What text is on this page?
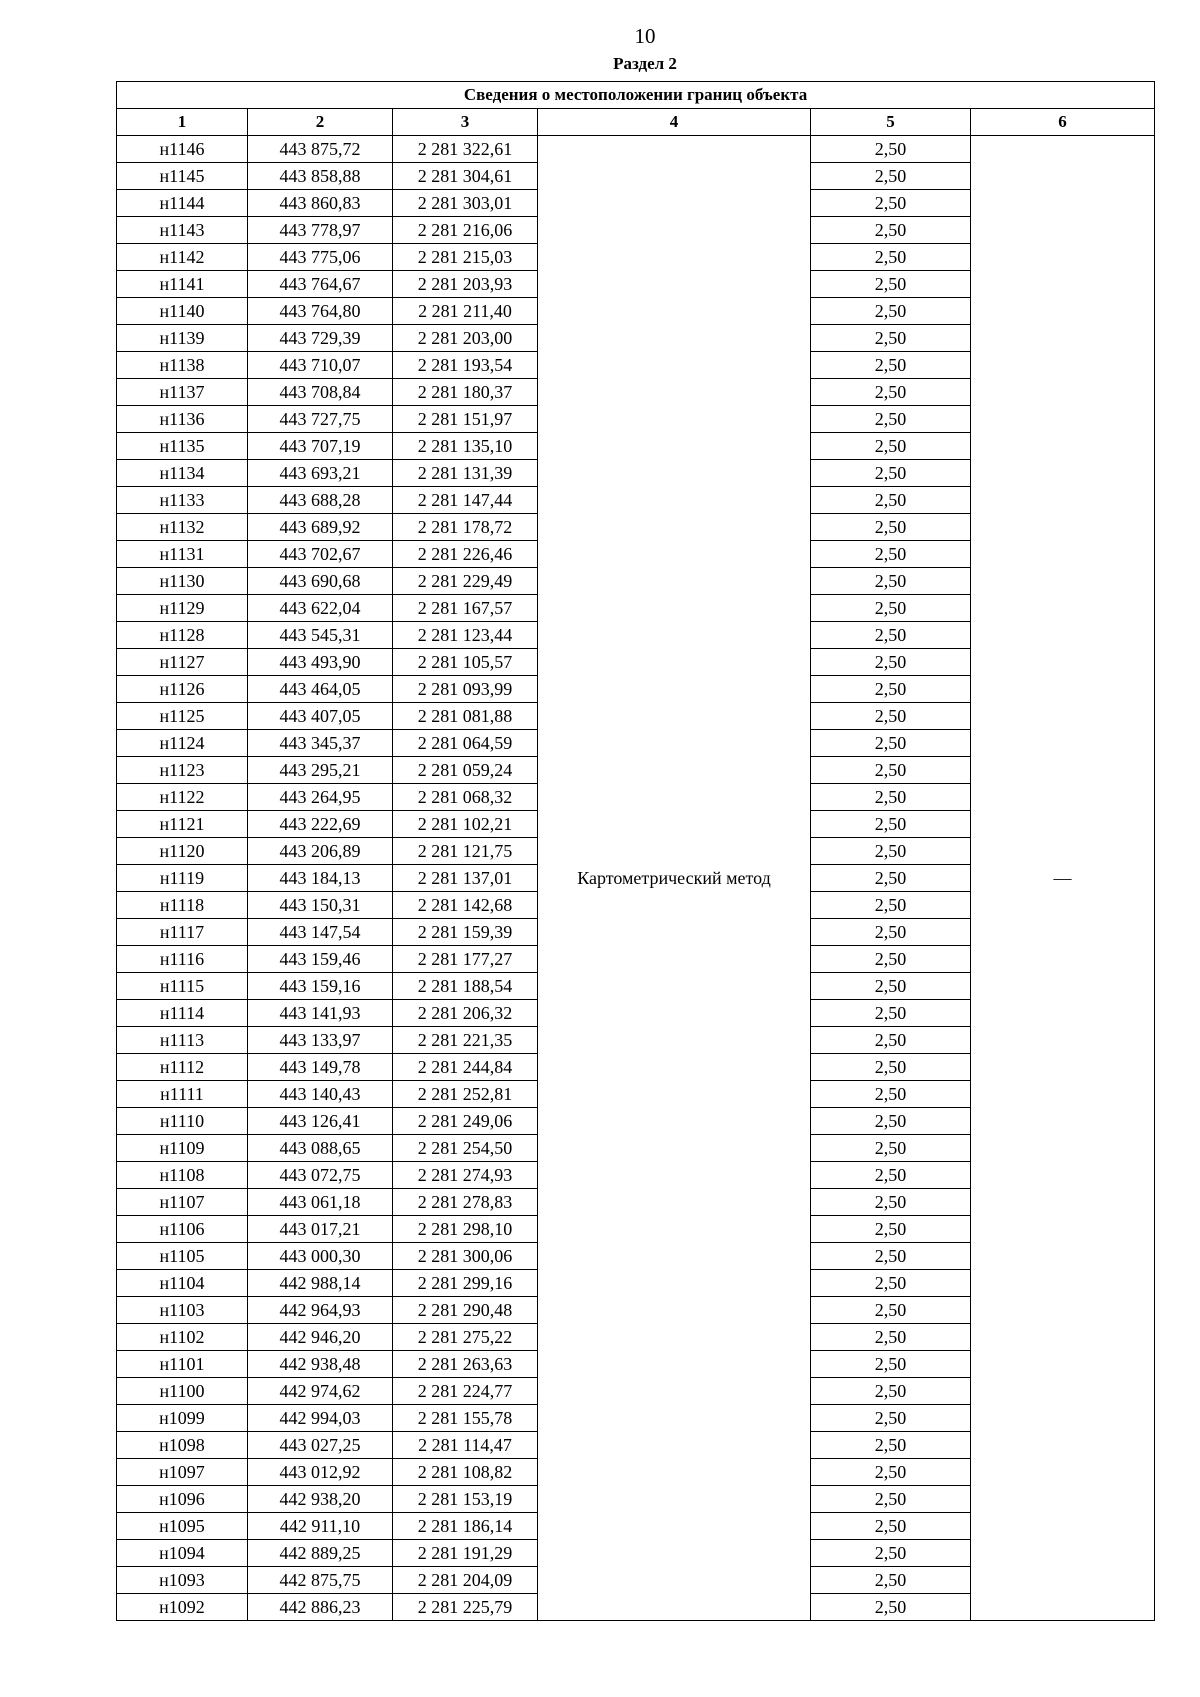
10
Раздел 2
Сведения о местоположении границ объекта					
1	2	3	4	5	6
н1146	443 875,72	2 281 322,61	Картометрический метод	2,50	—
н1145	443 858,88	2 281 304,61		2,50	
н1144	443 860,83	2 281 303,01		2,50	
н1143	443 778,97	2 281 216,06		2,50	
н1142	443 775,06	2 281 215,03		2,50	
н1141	443 764,67	2 281 203,93		2,50	
н1140	443 764,80	2 281 211,40		2,50	
н1139	443 729,39	2 281 203,00		2,50	
н1138	443 710,07	2 281 193,54		2,50	
н1137	443 708,84	2 281 180,37		2,50	
н1136	443 727,75	2 281 151,97		2,50	
н1135	443 707,19	2 281 135,10		2,50	
н1134	443 693,21	2 281 131,39		2,50	
н1133	443 688,28	2 281 147,44		2,50	
н1132	443 689,92	2 281 178,72		2,50	
н1131	443 702,67	2 281 226,46		2,50	
н1130	443 690,68	2 281 229,49		2,50	
н1129	443 622,04	2 281 167,57		2,50	
н1128	443 545,31	2 281 123,44		2,50	
н1127	443 493,90	2 281 105,57		2,50	
н1126	443 464,05	2 281 093,99		2,50	
н1125	443 407,05	2 281 081,88		2,50	
н1124	443 345,37	2 281 064,59		2,50	
н1123	443 295,21	2 281 059,24		2,50	
н1122	443 264,95	2 281 068,32		2,50	
н1121	443 222,69	2 281 102,21		2,50	
н1120	443 206,89	2 281 121,75		2,50	
н1119	443 184,13	2 281 137,01		2,50	
н1118	443 150,31	2 281 142,68		2,50	
н1117	443 147,54	2 281 159,39		2,50	
н1116	443 159,46	2 281 177,27		2,50	
н1115	443 159,16	2 281 188,54		2,50	
н1114	443 141,93	2 281 206,32		2,50	
н1113	443 133,97	2 281 221,35		2,50	
н1112	443 149,78	2 281 244,84		2,50	
н1111	443 140,43	2 281 252,81		2,50	
н1110	443 126,41	2 281 249,06		2,50	
н1109	443 088,65	2 281 254,50		2,50	
н1108	443 072,75	2 281 274,93		2,50	
н1107	443 061,18	2 281 278,83		2,50	
н1106	443 017,21	2 281 298,10		2,50	
н1105	443 000,30	2 281 300,06		2,50	
н1104	442 988,14	2 281 299,16		2,50	
н1103	442 964,93	2 281 290,48		2,50	
н1102	442 946,20	2 281 275,22		2,50	
н1101	442 938,48	2 281 263,63		2,50	
н1100	442 974,62	2 281 224,77		2,50	
н1099	442 994,03	2 281 155,78		2,50	
н1098	443 027,25	2 281 114,47		2,50	
н1097	443 012,92	2 281 108,82		2,50	
н1096	442 938,20	2 281 153,19		2,50	
н1095	442 911,10	2 281 186,14		2,50	
н1094	442 889,25	2 281 191,29		2,50	
н1093	442 875,75	2 281 204,09		2,50	
н1092	442 886,23	2 281 225,79		2,50	
